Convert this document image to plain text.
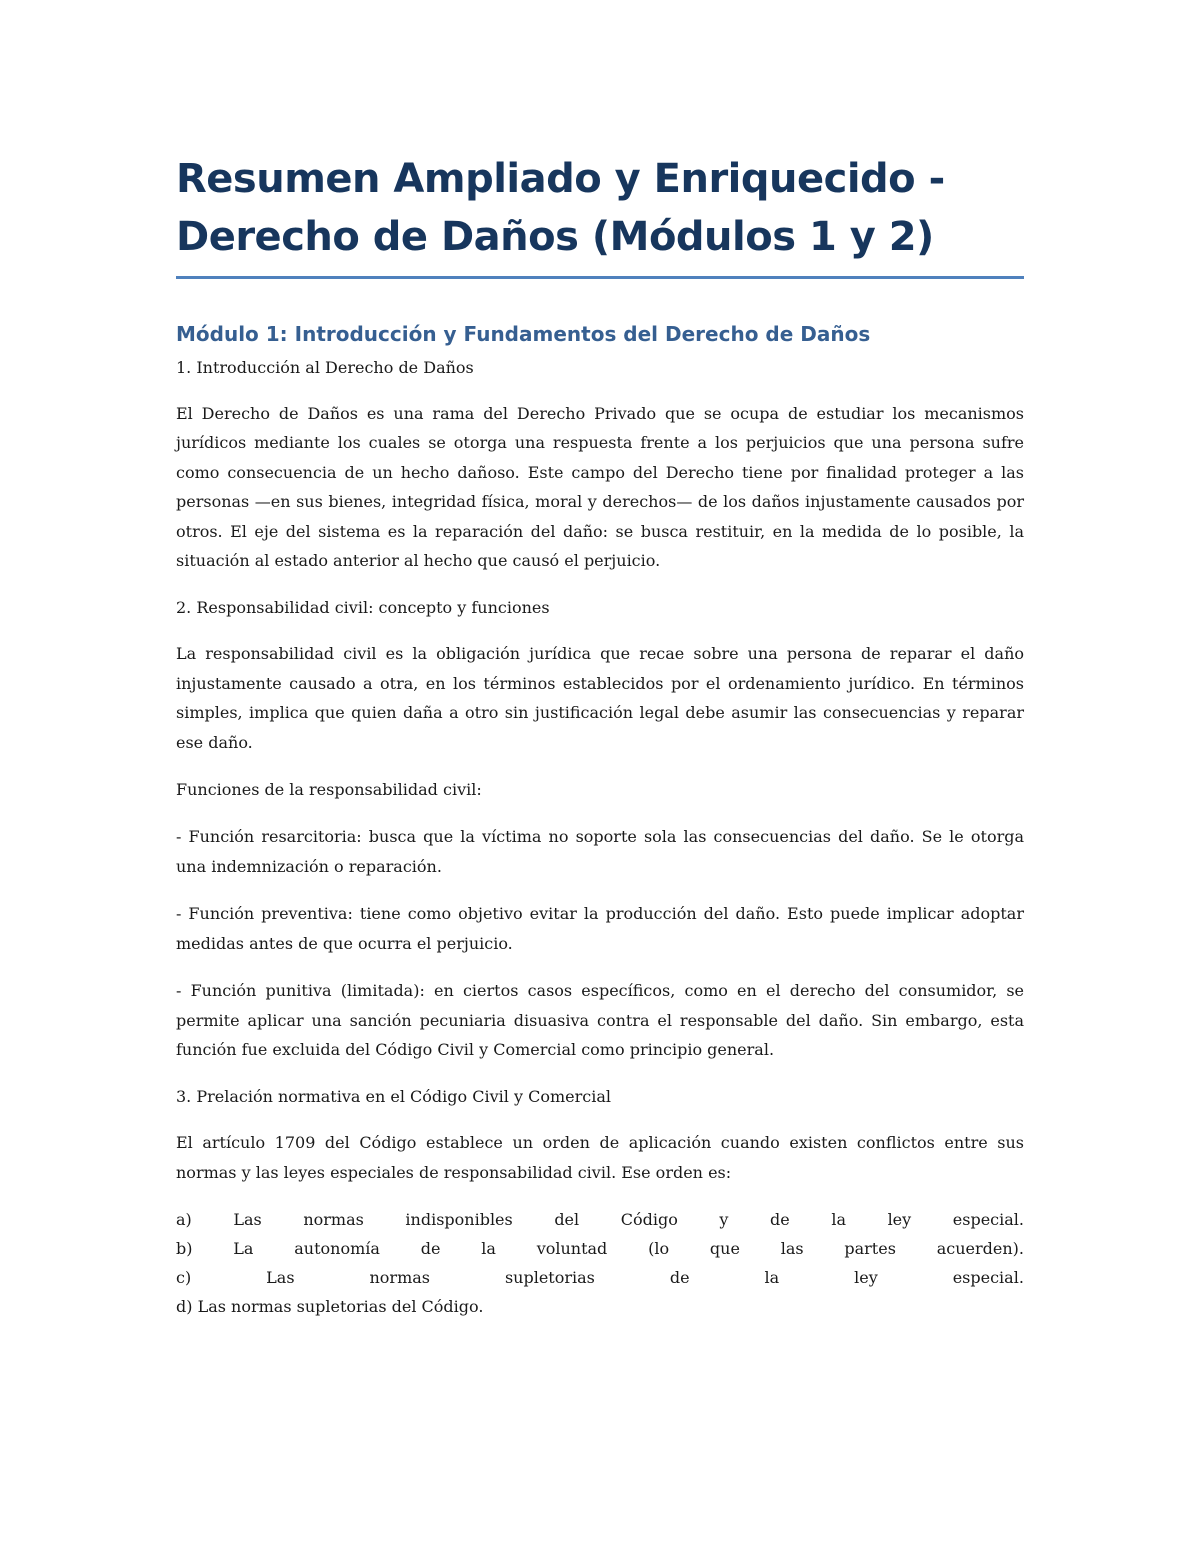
Resumen Ampliado y Enriquecido - Derecho de Daños (Módulos 1 y 2)
Módulo 1: Introducción y Fundamentos del Derecho de Daños
1. Introducción al Derecho de Daños

El Derecho de Daños es una rama del Derecho Privado que se ocupa de estudiar los mecanismos jurídicos mediante los cuales se otorga una respuesta frente a los perjuicios que una persona sufre como consecuencia de un hecho dañoso. Este campo del Derecho tiene por finalidad proteger a las personas —en sus bienes, integridad física, moral y derechos— de los daños injustamente causados por otros. El eje del sistema es la reparación del daño: se busca restituir, en la medida de lo posible, la situación al estado anterior al hecho que causó el perjuicio.

2. Responsabilidad civil: concepto y funciones

La responsabilidad civil es la obligación jurídica que recae sobre una persona de reparar el daño injustamente causado a otra, en los términos establecidos por el ordenamiento jurídico. En términos simples, implica que quien daña a otro sin justificación legal debe asumir las consecuencias y reparar ese daño.

Funciones de la responsabilidad civil:

- Función resarcitoria: busca que la víctima no soporte sola las consecuencias del daño. Se le otorga una indemnización o reparación.

- Función preventiva: tiene como objetivo evitar la producción del daño. Esto puede implicar adoptar medidas antes de que ocurra el perjuicio.

- Función punitiva (limitada): en ciertos casos específicos, como en el derecho del consumidor, se permite aplicar una sanción pecuniaria disuasiva contra el responsable del daño. Sin embargo, esta función fue excluida del Código Civil y Comercial como principio general.

3. Prelación normativa en el Código Civil y Comercial

El artículo 1709 del Código establece un orden de aplicación cuando existen conflictos entre sus normas y las leyes especiales de responsabilidad civil. Ese orden es:

a)	Las	normas	indisponibles	del	Código	y	de	la	ley	especial.
b)	La	autonomía	de	la	voluntad	(lo	que	las	partes	acuerden).
c)	Las	normas	supletorias	de	la	ley	especial.
d) Las normas supletorias del Código.
